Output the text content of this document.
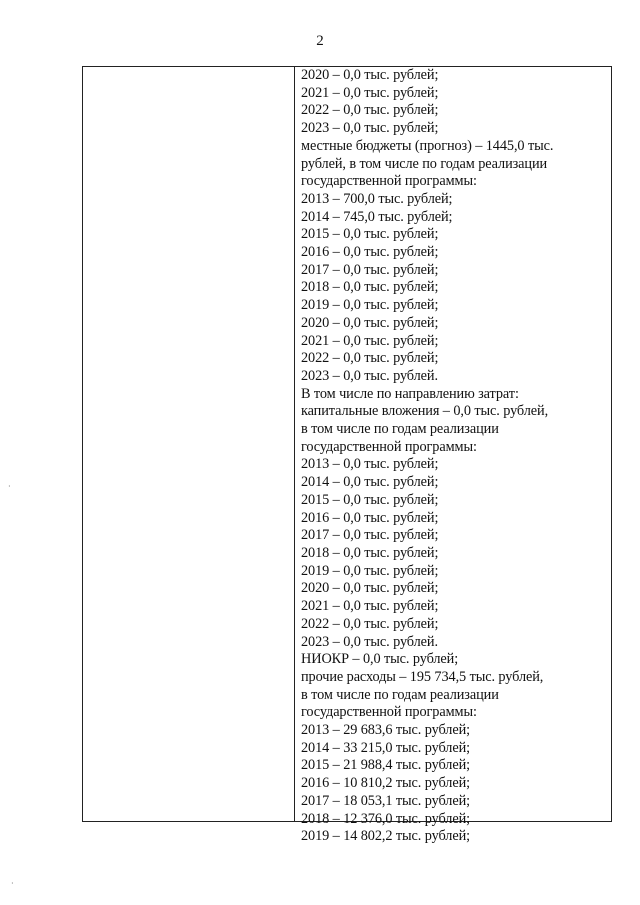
2
2020 – 0,0 тыс. рублей;
2021 – 0,0 тыс. рублей;
2022 – 0,0 тыс. рублей;
2023 – 0,0 тыс. рублей;
местные бюджеты (прогноз) – 1445,0 тыс.
рублей, в том числе по годам реализации
государственной программы:
2013 – 700,0 тыс. рублей;
2014 – 745,0 тыс. рублей;
2015 – 0,0 тыс. рублей;
2016 – 0,0 тыс. рублей;
2017 – 0,0 тыс. рублей;
2018 – 0,0 тыс. рублей;
2019 – 0,0 тыс. рублей;
2020 – 0,0 тыс. рублей;
2021 – 0,0 тыс. рублей;
2022 – 0,0 тыс. рублей;
2023 – 0,0 тыс. рублей.
В том числе по направлению затрат:
капитальные вложения – 0,0 тыс. рублей,
в том числе по годам реализации
государственной программы:
2013 – 0,0 тыс. рублей;
2014 – 0,0 тыс. рублей;
2015 – 0,0 тыс. рублей;
2016 – 0,0 тыс. рублей;
2017 – 0,0 тыс. рублей;
2018 – 0,0 тыс. рублей;
2019 – 0,0 тыс. рублей;
2020 – 0,0 тыс. рублей;
2021 – 0,0 тыс. рублей;
2022 – 0,0 тыс. рублей;
2023 – 0,0 тыс. рублей.
НИОКР – 0,0 тыс. рублей;
прочие расходы – 195 734,5 тыс. рублей,
в том числе по годам реализации
государственной программы:
2013 – 29 683,6 тыс. рублей;
2014 – 33 215,0 тыс. рублей;
2015 – 21 988,4 тыс. рублей;
2016 – 10 810,2 тыс. рублей;
2017 – 18 053,1 тыс. рублей;
2018 – 12 376,0 тыс. рублей;
2019 – 14 802,2 тыс. рублей;
·
·
